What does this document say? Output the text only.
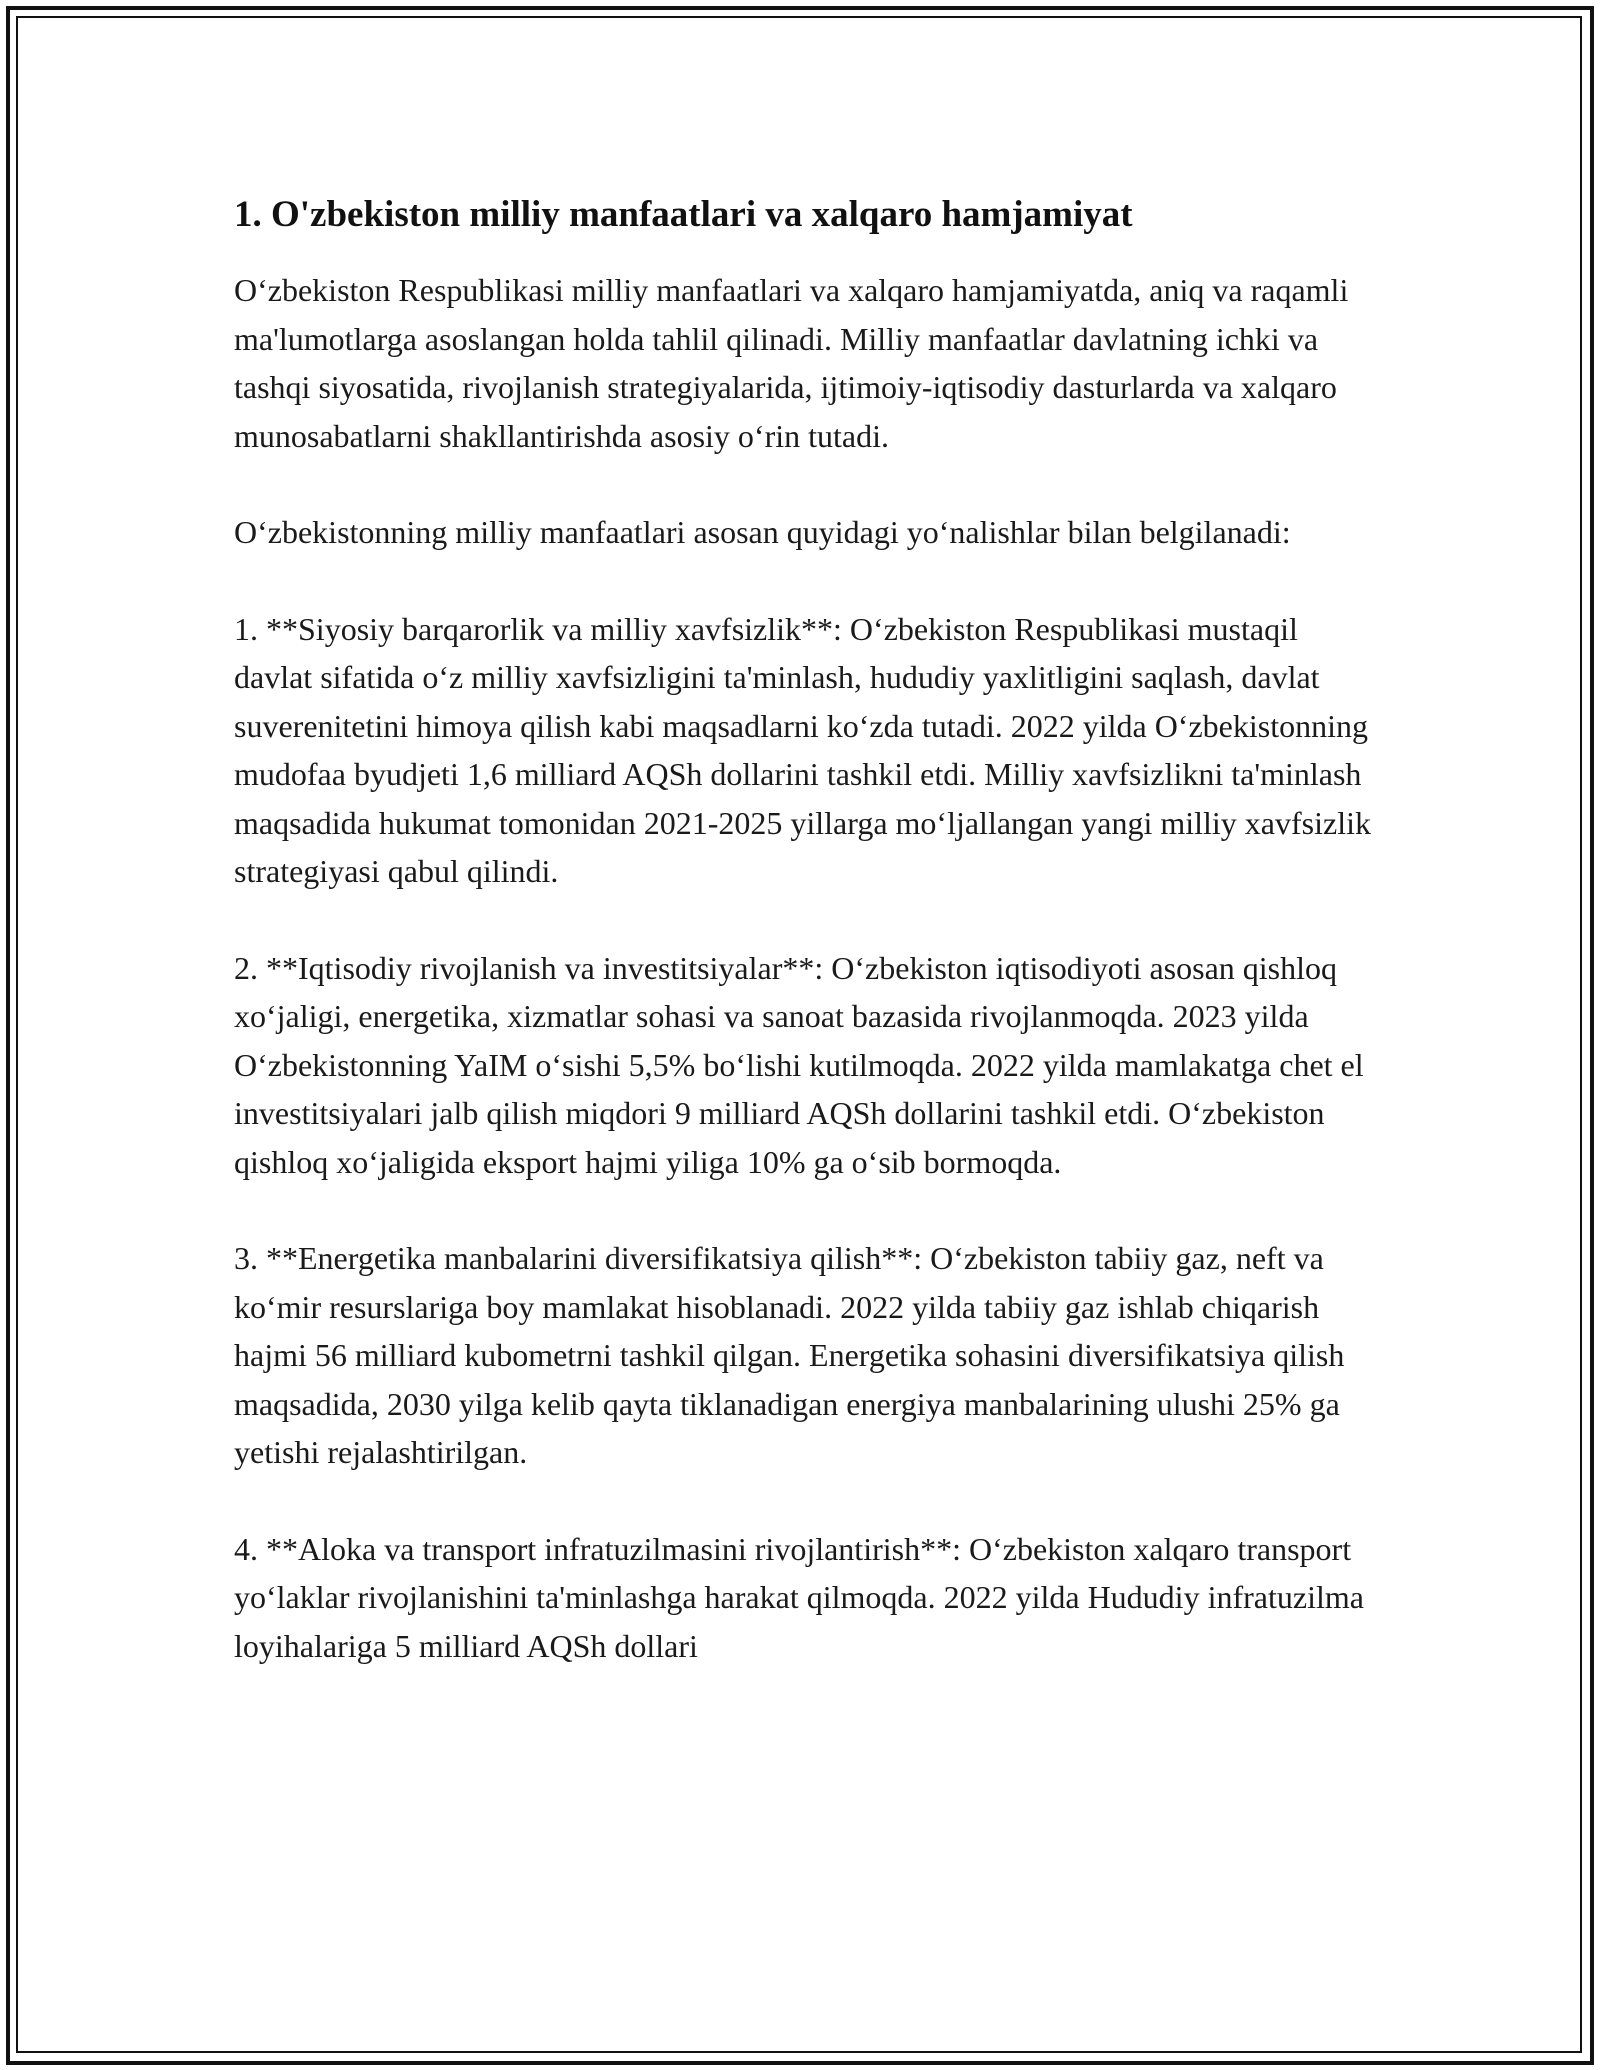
1. O'zbekiston milliy manfaatlari va xalqaro hamjamiyat

O‘zbekiston Respublikasi milliy manfaatlari va xalqaro hamjamiyatda, aniq va raqamli ma'lumotlarga asoslangan holda tahlil qilinadi. Milliy manfaatlar davlatning ichki va tashqi siyosatida, rivojlanish strategiyalarida, ijtimoiy-iqtisodiy dasturlarda va xalqaro munosabatlarni shakllantirishda asosiy o‘rin tutadi.

O‘zbekistonning milliy manfaatlari asosan quyidagi yo‘nalishlar bilan belgilanadi:

1. **Siyosiy barqarorlik va milliy xavfsizlik**: O‘zbekiston Respublikasi mustaqil davlat sifatida o‘z milliy xavfsizligini ta'minlash, hududiy yaxlitligini saqlash, davlat suverenitetini himoya qilish kabi maqsadlarni ko‘zda tutadi. 2022 yilda O‘zbekistonning mudofaa byudjeti 1,6 milliard AQSh dollarini tashkil etdi. Milliy xavfsizlikni ta'minlash maqsadida hukumat tomonidan 2021-2025 yillarga mo‘ljallangan yangi milliy xavfsizlik strategiyasi qabul qilindi.

2. **Iqtisodiy rivojlanish va investitsiyalar**: O‘zbekiston iqtisodiyoti asosan qishloq xo‘jaligi, energetika, xizmatlar sohasi va sanoat bazasida rivojlanmoqda. 2023 yilda O‘zbekistonning YaIM o‘sishi 5,5% bo‘lishi kutilmoqda. 2022 yilda mamlakatga chet el investitsiyalari jalb qilish miqdori 9 milliard AQSh dollarini tashkil etdi. O‘zbekiston qishloq xo‘jaligida eksport hajmi yiliga 10% ga o‘sib bormoqda.

3. **Energetika manbalarini diversifikatsiya qilish**: O‘zbekiston tabiiy gaz, neft va ko‘mir resurslariga boy mamlakat hisoblanadi. 2022 yilda tabiiy gaz ishlab chiqarish hajmi 56 milliard kubometrni tashkil qilgan. Energetika sohasini diversifikatsiya qilish maqsadida, 2030 yilga kelib qayta tiklanadigan energiya manbalarining ulushi 25% ga yetishi rejalashtirilgan.

4. **Aloka va transport infratuzilmasini rivojlantirish**: O‘zbekiston xalqaro transport yo‘laklar rivojlanishini ta'minlashga harakat qilmoqda. 2022 yilda Hududiy infratuzilma loyihalariga 5 milliard AQSh dollari
